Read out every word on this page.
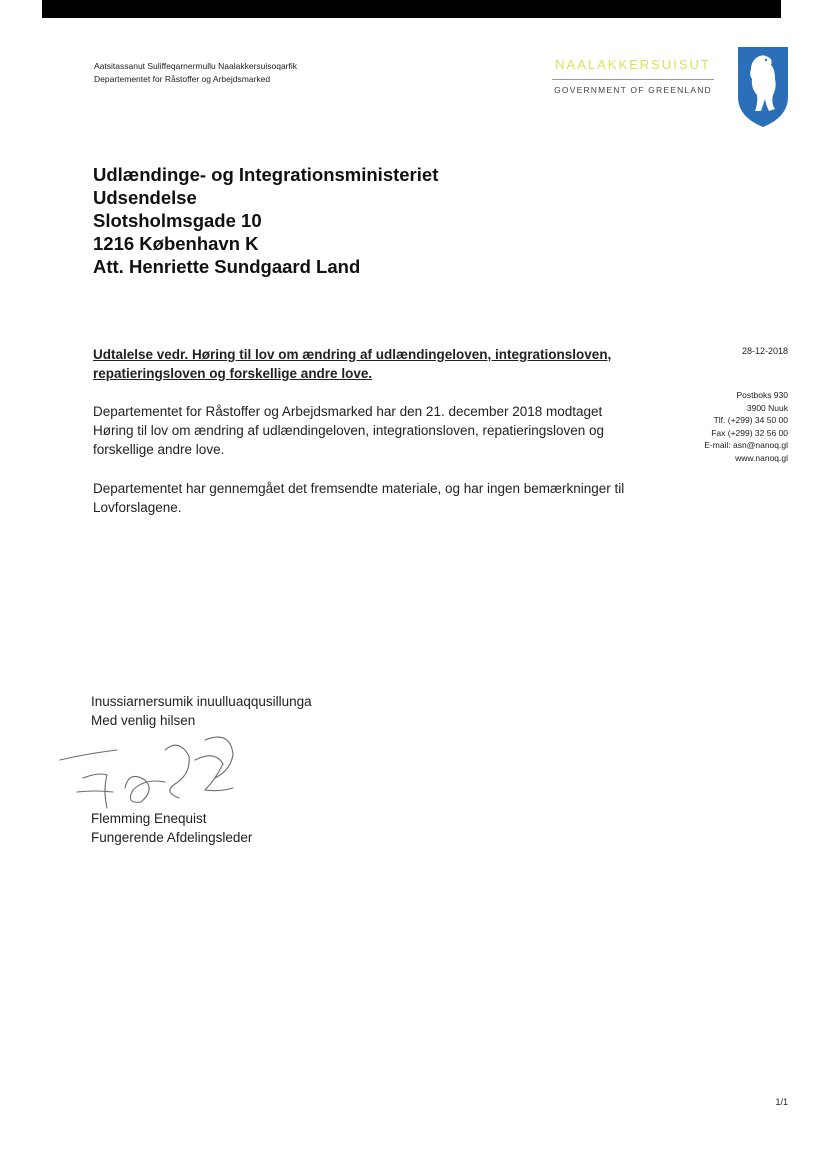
Aatsitassanut Suliffeqarnermullu Naalakkersuisoqarfik
Departementet for Råstoffer og Arbejdsmarked
NAALAKKERSUISUT
GOVERNMENT OF GREENLAND
Udlændinge- og Integrationsministeriet
Udsendelse
Slotsholmsgade 10
1216 København K
Att. Henriette Sundgaard Land
Udtalelse vedr. Høring til lov om ændring af udlændingeloven, integrationsloven, repatieringsloven og forskellige andre love.
28-12-2018
Postboks 930
3900 Nuuk
Tlf. (+299) 34 50 00
Fax (+299) 32 56 00
E-mail: asn@nanoq.gl
www.nanoq.gl

Departementet for Råstoffer og Arbejdsmarked har den 21. december 2018 modtaget Høring til lov om ændring af udlændingeloven, integrationsloven, repatieringsloven og forskellige andre love.

Departementet har gennemgået det fremsendte materiale, og har ingen bemærkninger til Lovforslagene.

Inussiarnersumik inuulluaqqusillunga
Med venlig hilsen
Flemming Enequist
Fungerende Afdelingsleder
1/1
